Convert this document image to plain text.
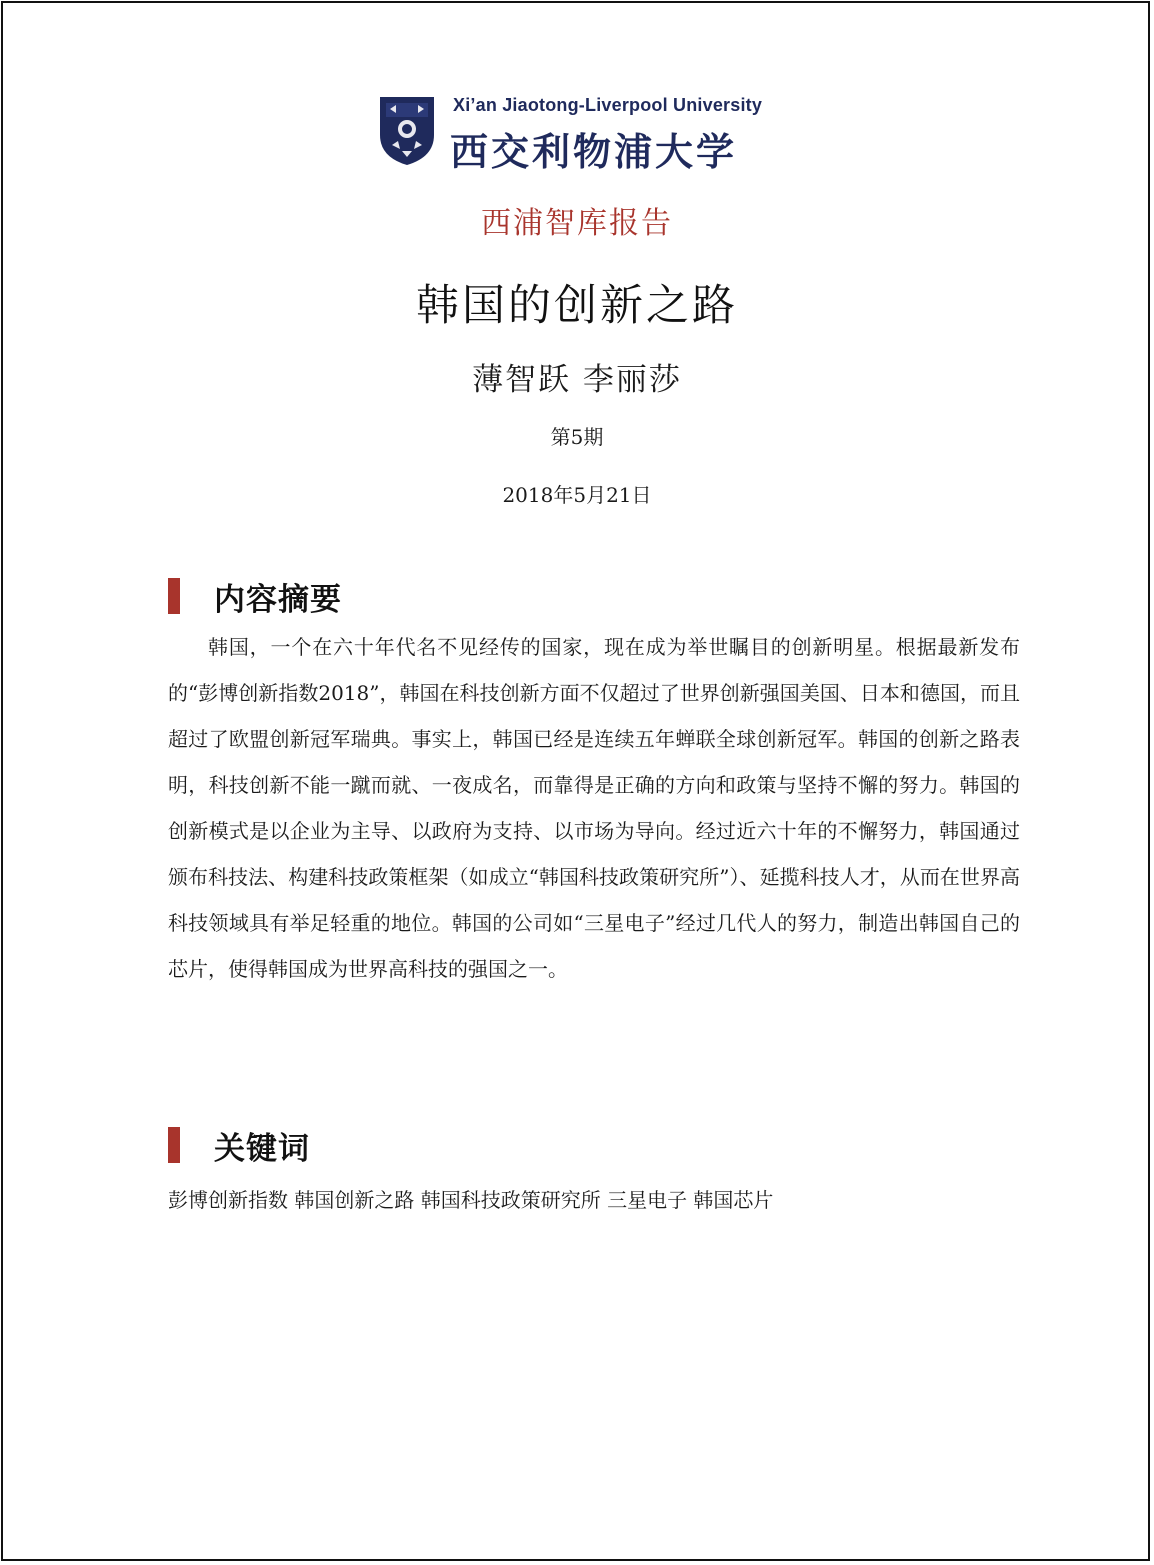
Xi’an Jiaotong-Liverpool University
西交利物浦大学
西浦智库报告
韩国的创新之路
薄智跃 李丽莎
第5期
2018年5月21日
内容摘要

韩国，一个在六十年代名不见经传的国家，现在成为举世瞩目的创新明星。根据最新发布的“彭博创新指数2018”，韩国在科技创新方面不仅超过了世界创新强国美国、日本和德国，而且超过了欧盟创新冠军瑞典。事实上，韩国已经是连续五年蝉联全球创新冠军。韩国的创新之路表明，科技创新不能一蹴而就、一夜成名，而靠得是正确的方向和政策与坚持不懈的努力。韩国的创新模式是以企业为主导、以政府为支持、以市场为导向。经过近六十年的不懈努力，韩国通过颁布科技法、构建科技政策框架（如成立“韩国科技政策研究所”）、延揽科技人才，从而在世界高科技领域具有举足轻重的地位。韩国的公司如“三星电子”经过几代人的努力，制造出韩国自己的芯片，使得韩国成为世界高科技的强国之一。

关键词
彭博创新指数 韩国创新之路 韩国科技政策研究所 三星电子 韩国芯片
